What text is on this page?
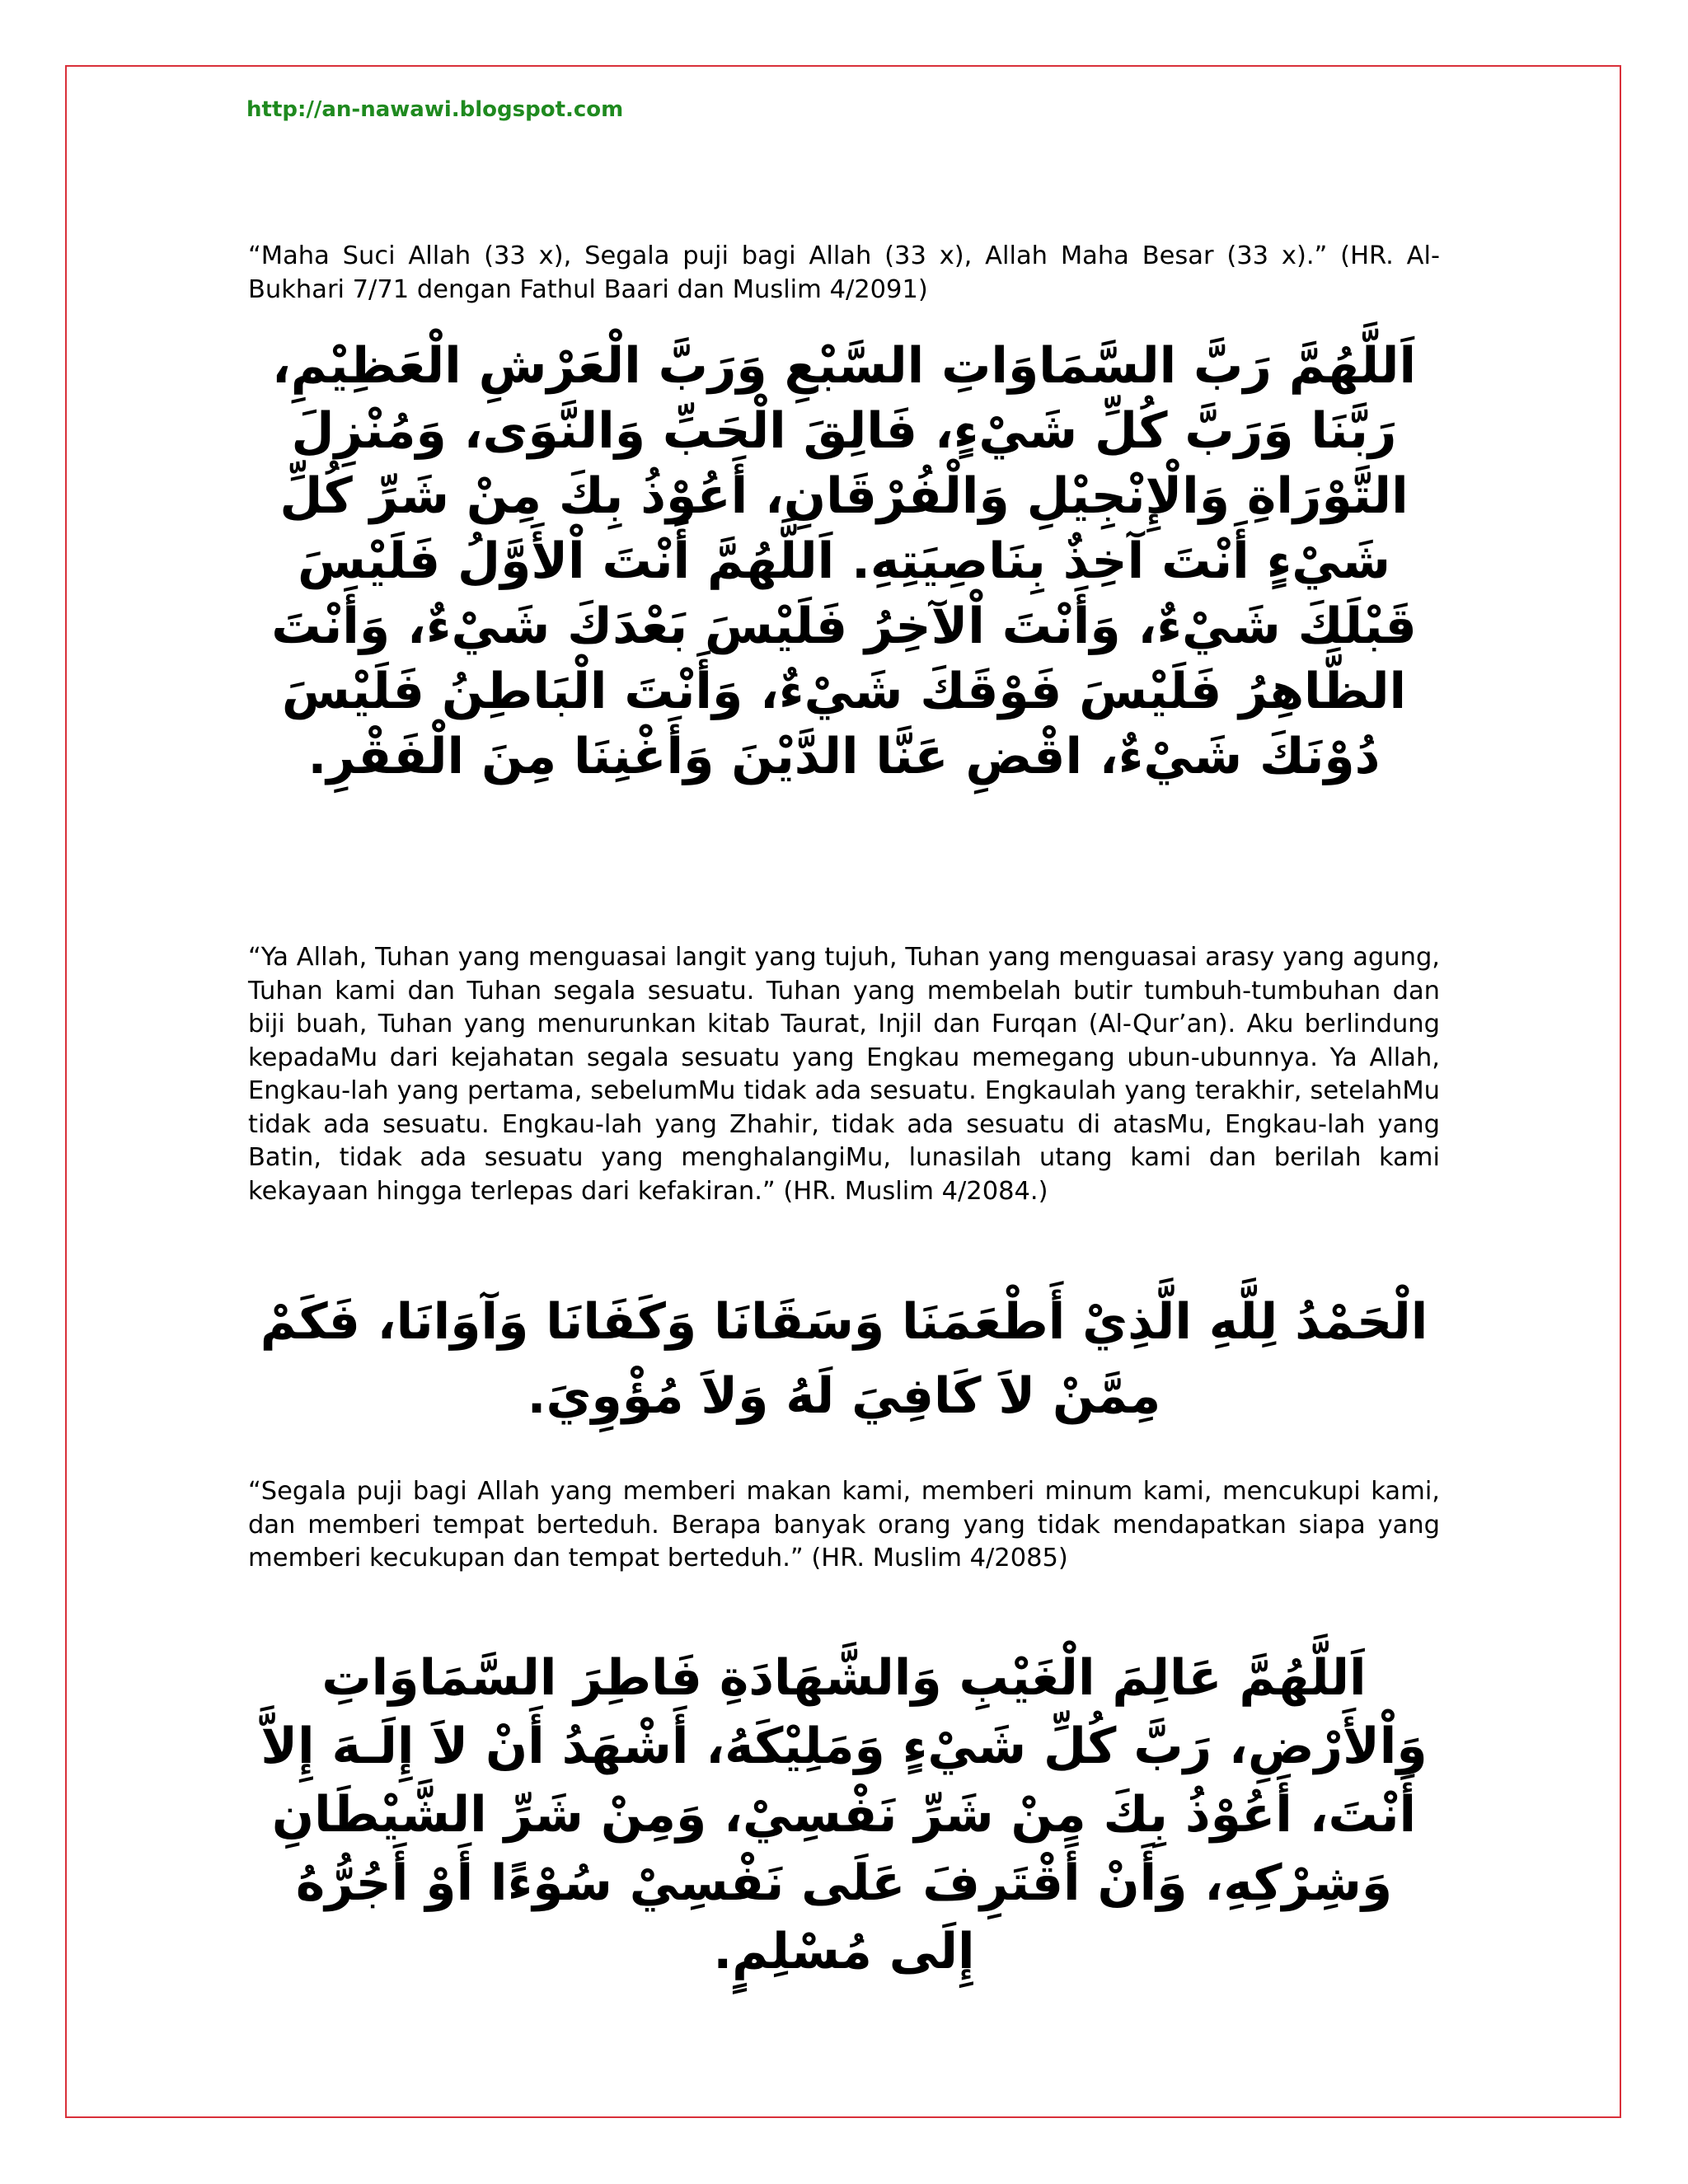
http://an-nawawi.blogspot.com

“Maha Suci Allah (33 x), Segala puji bagi Allah (33 x), Allah Maha Besar (33 x).” (HR. Al-Bukhari 7/71 dengan Fathul Baari dan Muslim 4/2091)

اَللَّهُمَّ رَبَّ السَّمَاوَاتِ السَّبْعِ وَرَبَّ الْعَرْشِ الْعَظِيْمِ، رَبَّنَا وَرَبَّ كُلِّ شَيْءٍ، فَالِقَ الْحَبِّ وَالنَّوَى، وَمُنْزِلَ التَّوْرَاةِ وَالْإِنْجِيْلِ وَالْفُرْقَانِ، أَعُوْذُ بِكَ مِنْ شَرِّ كُلِّ شَيْءٍ أَنْتَ آخِذٌ بِنَاصِيَتِهِ. اَللَّهُمَّ أَنْتَ اْلأَوَّلُ فَلَيْسَ قَبْلَكَ شَيْءٌ، وَأَنْتَ اْلآخِرُ فَلَيْسَ بَعْدَكَ شَيْءٌ، وَأَنْتَ الظَّاهِرُ فَلَيْسَ فَوْقَكَ شَيْءٌ، وَأَنْتَ الْبَاطِنُ فَلَيْسَ دُوْنَكَ شَيْءٌ، اقْضِ عَنَّا الدَّيْنَ وَأَغْنِنَا مِنَ الْفَقْرِ.

“Ya Allah, Tuhan yang menguasai langit yang tujuh, Tuhan yang menguasai arasy yang agung, Tuhan kami dan Tuhan segala sesuatu. Tuhan yang membelah butir tumbuh-tumbuhan dan biji buah, Tuhan yang menurunkan kitab Taurat, Injil dan Furqan (Al-Qur’an). Aku berlindung kepadaMu dari kejahatan segala sesuatu yang Engkau memegang ubun-ubunnya. Ya Allah, Engkau-lah yang pertama, sebelumMu tidak ada sesuatu. Engkaulah yang terakhir, setelahMu tidak ada sesuatu. Engkau-lah yang Zhahir, tidak ada sesuatu di atasMu, Engkau-lah yang Batin, tidak ada sesuatu yang menghalangiMu, lunasilah utang kami dan berilah kami kekayaan hingga terlepas dari kefakiran.” (HR. Muslim 4/2084.)

الْحَمْدُ لِلَّهِ الَّذِيْ أَطْعَمَنَا وَسَقَانَا وَكَفَانَا وَآوَانَا، فَكَمْ مِمَّنْ لاَ كَافِيَ لَهُ وَلاَ مُؤْوِيَ.

“Segala puji bagi Allah yang memberi makan kami, memberi minum kami, mencukupi kami, dan memberi tempat berteduh. Berapa banyak orang yang tidak mendapatkan siapa yang memberi kecukupan dan tempat berteduh.” (HR. Muslim 4/2085)

اَللَّهُمَّ عَالِمَ الْغَيْبِ وَالشَّهَادَةِ فَاطِرَ السَّمَاوَاتِ وَاْلأَرْضِ، رَبَّ كُلِّ شَيْءٍ وَمَلِيْكَهُ، أَشْهَدُ أَنْ لاَ إِلَـهَ إِلاَّ أَنْتَ، أَعُوْذُ بِكَ مِنْ شَرِّ نَفْسِيْ، وَمِنْ شَرِّ الشَّيْطَانِ وَشِرْكِهِ، وَأَنْ أَقْتَرِفَ عَلَى نَفْسِيْ سُوْءًا أَوْ أَجُرُّهُ إِلَى مُسْلِمٍ.
